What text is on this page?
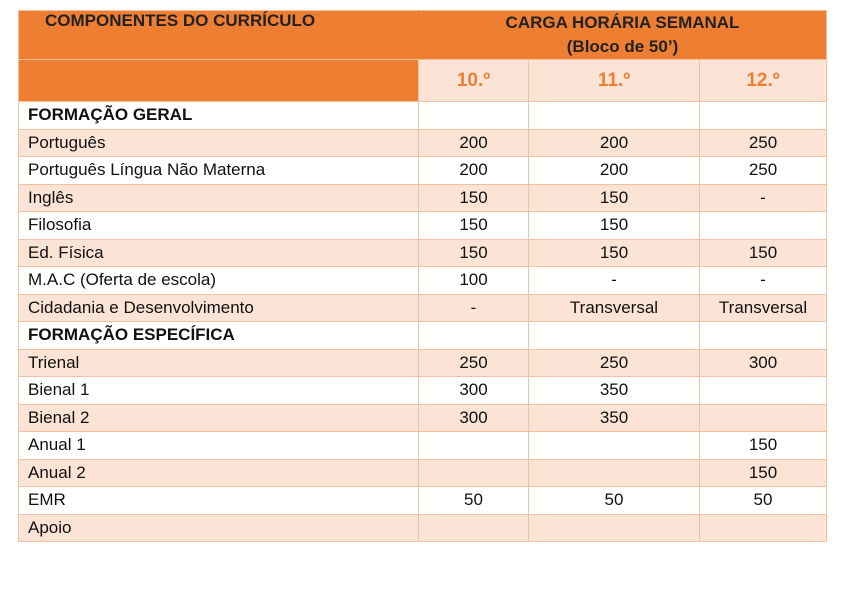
COMPONENTES DO CURRÍCULO	CARGA HORÁRIA SEMANAL
(Bloco de 50’)		

	10.º	11.º	12.º
FORMAÇÃO GERAL			
Português	200	200	250
Português Língua Não Materna	200	200	250
Inglês	150	150	-
Filosofia	150	150	
Ed. Física	150	150	150
M.A.C (Oferta de escola)	100	-	-
Cidadania e Desenvolvimento	-	Transversal	Transversal
FORMAÇÃO ESPECÍFICA			
Trienal	250	250	300
Bienal 1	300	350	
Bienal 2	300	350	
Anual 1			150
Anual 2			150
EMR	50	50	50
Apoio			
